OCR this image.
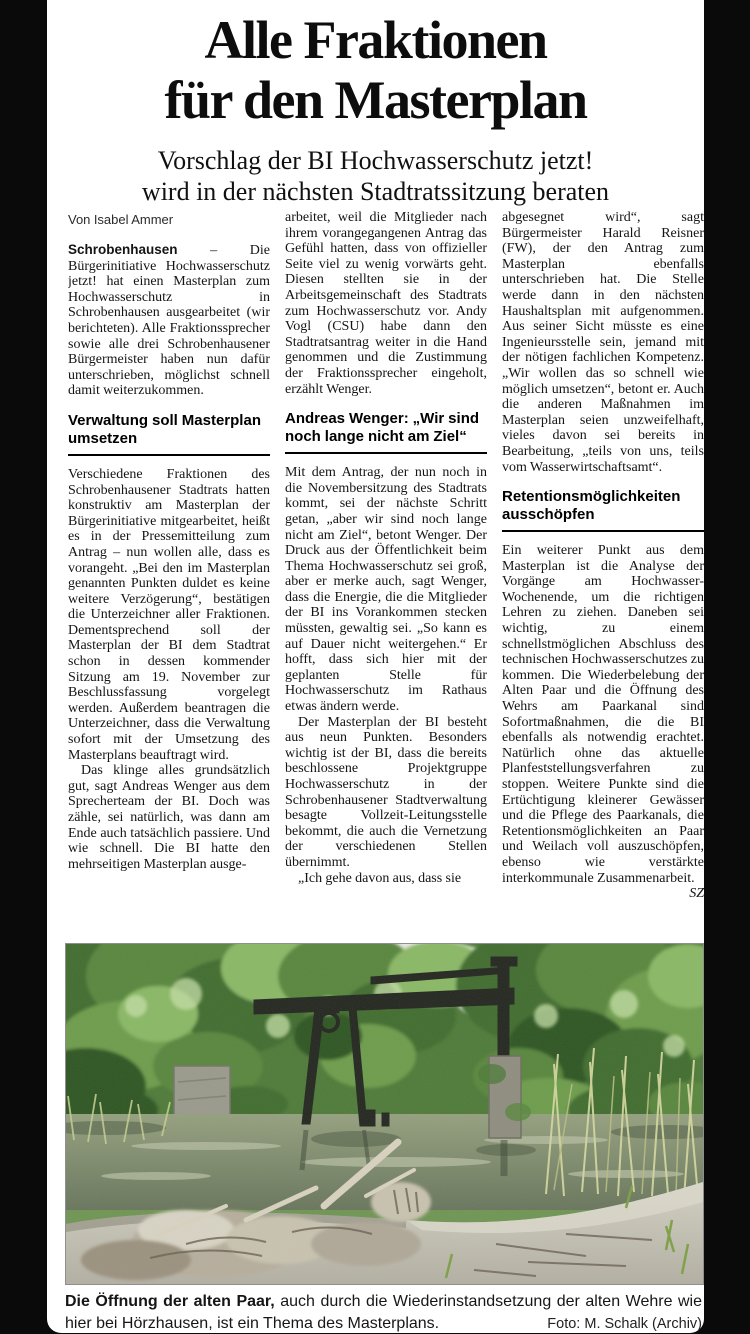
Alle Fraktionen
für den Masterplan
Vorschlag der BI Hochwasserschutz jetzt!
wird in der nächsten Stadtratssitzung beraten
Von Isabel Ammer

Schrobenhausen – Die Bürgerinitiative Hochwasserschutz jetzt! hat einen Masterplan zum Hochwasserschutz in Schrobenhausen ausgearbeitet (wir berichteten). Alle Fraktionssprecher sowie alle drei Schrobenhausener Bürgermeister haben nun dafür unterschrieben, möglichst schnell damit weiterzukommen.

Verwaltung soll Masterplan umsetzen

Verschiedene Fraktionen des Schrobenhausener Stadtrats hatten konstruktiv am Masterplan der Bürgerinitiative mitgearbeitet, heißt es in der Pressemitteilung zum Antrag – nun wollen alle, dass es vorangeht. „Bei den im Masterplan genannten Punkten duldet es keine weitere Verzögerung“, bestätigen die Unterzeichner aller Fraktionen. Dementsprechend soll der Masterplan der BI dem Stadtrat schon in dessen kommender Sitzung am 19. November zur Beschlussfassung vorgelegt werden. Außerdem beantragen die Unterzeichner, dass die Verwaltung sofort mit der Umsetzung des Masterplans beauftragt wird.

Das klinge alles grundsätzlich gut, sagt Andreas Wenger aus dem Sprecherteam der BI. Doch was zähle, sei natürlich, was dann am Ende auch tatsächlich passiere. Und wie schnell. Die BI hatte den mehrseitigen Masterplan ausge-

arbeitet, weil die Mitglieder nach ihrem vorangegangenen Antrag das Gefühl hatten, dass von offizieller Seite viel zu wenig vorwärts geht. Diesen stellten sie in der Arbeitsgemeinschaft des Stadtrats zum Hochwasserschutz vor. Andy Vogl (CSU) habe dann den Stadtratsantrag weiter in die Hand genommen und die Zustimmung der Fraktionssprecher eingeholt, erzählt Wenger.

Andreas Wenger: „Wir sind noch lange nicht am Ziel“

Mit dem Antrag, der nun noch in die Novembersitzung des Stadtrats kommt, sei der nächste Schritt getan, „aber wir sind noch lange nicht am Ziel“, betont Wenger. Der Druck aus der Öffentlichkeit beim Thema Hochwasserschutz sei groß, aber er merke auch, sagt Wenger, dass die Energie, die die Mitglieder der BI ins Vorankommen stecken müssten, gewaltig sei. „So kann es auf Dauer nicht weitergehen.“ Er hofft, dass sich hier mit der geplanten Stelle für Hochwasserschutz im Rathaus etwas ändern werde.

Der Masterplan der BI besteht aus neun Punkten. Besonders wichtig ist der BI, dass die bereits beschlossene Projektgruppe Hochwasserschutz in der Schrobenhausener Stadtverwaltung besagte Vollzeit-Leitungsstelle bekommt, die auch die Vernetzung der verschiedenen Stellen übernimmt.

„Ich gehe davon aus, dass sie

abgesegnet wird“, sagt Bürgermeister Harald Reisner (FW), der den Antrag zum Masterplan ebenfalls unterschrieben hat. Die Stelle werde dann in den nächsten Haushaltsplan mit aufgenommen. Aus seiner Sicht müsste es eine Ingenieursstelle sein, jemand mit der nötigen fachlichen Kompetenz. „Wir wollen das so schnell wie möglich umsetzen“, betont er. Auch die anderen Maßnahmen im Masterplan seien unzweifelhaft, vieles davon sei bereits in Bearbeitung, „teils von uns, teils vom Wasserwirtschaftsamt“.

Retentionsmöglichkeiten ausschöpfen

Ein weiterer Punkt aus dem Masterplan ist die Analyse der Vorgänge am Hochwasser-Wochenende, um die richtigen Lehren zu ziehen. Daneben sei wichtig, zu einem schnellstmöglichen Abschluss des technischen Hochwasserschutzes zu kommen. Die Wiederbelebung der Alten Paar und die Öffnung des Wehrs am Paarkanal sind Sofortmaßnahmen, die die BI ebenfalls als notwendig erachtet. Natürlich ohne das aktuelle Planfeststellungsverfahren zu stoppen. Weitere Punkte sind die Ertüchtigung kleinerer Gewässer und die Pflege des Paarkanals, die Retentionsmöglichkeiten an Paar und Weilach voll auszuschöpfen, ebenso wie verstärkte interkommunale Zusammenarbeit.
SZ

Die Öffnung der alten Paar, auch durch die Wiederinstandsetzung der alten Wehre wie hier bei Hörzhausen, ist ein Thema des Masterplans.	Foto: M. Schalk (Archiv)
